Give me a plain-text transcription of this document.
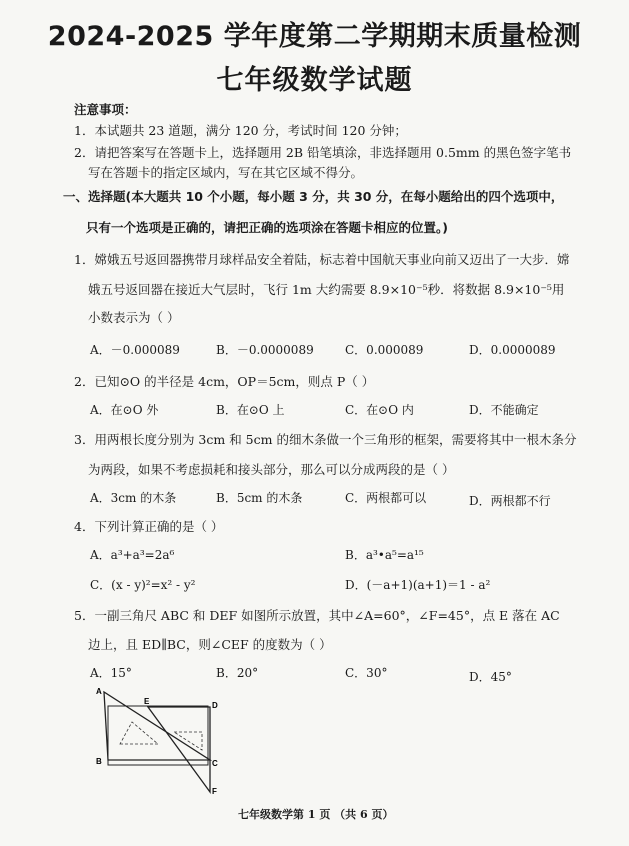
2024-2025 学年度第二学期期末质量检测
七年级数学试题
注意事项：
1．本试题共 23 道题，满分 120 分，考试时间 120 分钟；
2．请把答案写在答题卡上，选择题用 2B 铅笔填涂，非选择题用 0.5mm 的黑色签字笔书
写在答题卡的指定区域内，写在其它区域不得分。
一、选择题(本大题共 10 个小题，每小题 3 分，共 30 分，在每小题给出的四个选项中，
只有一个选项是正确的，请把正确的选项涂在答题卡相应的位置。)
1．嫦娥五号返回器携带月球样品安全着陆，标志着中国航天事业向前又迈出了一大步．嫦
娥五号返回器在接近大气层时，飞行 1m 大约需要 8.9×10⁻⁵秒．将数据 8.9×10⁻⁵用
小数表示为（ ）
A．－0.000089	B．－0.0000089	C．0.000089	D．0.0000089
2．已知⊙O 的半径是 4cm，OP＝5cm，则点 P（ ）
A．在⊙O 外	B．在⊙O 上	C．在⊙O 内	D．不能确定
3．用两根长度分别为 3cm 和 5cm 的细木条做一个三角形的框架，需要将其中一根木条分
为两段，如果不考虑损耗和接头部分，那么可以分成两段的是（ ）
A．3cm 的木条	B．5cm 的木条	C．两根都可以	D．两根都不行
4．下列计算正确的是（ ）
A．a³+a³=2a⁶	B．a³•a⁵=a¹⁵
C．(x - y)²=x² - y²	D．(－a+1)(a+1)＝1 - a²
5．一副三角尺 ABC 和 DEF 如图所示放置，其中∠A=60°，∠F=45°，点 E 落在 AC
边上，且 ED∥BC，则∠CEF 的度数为（ ）
A．15°	B．20°	C．30°	D．45°
A
B	C
D
E
F
七年级数学第 1 页 （共 6 页）
